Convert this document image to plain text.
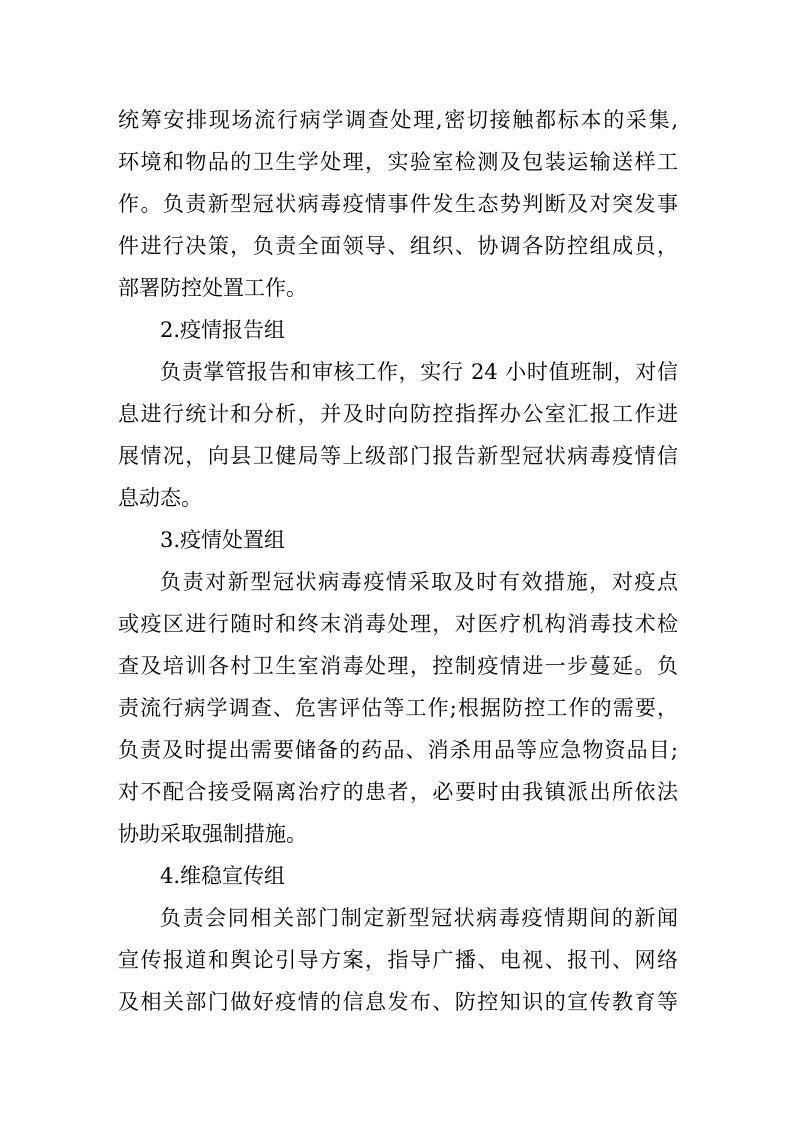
统筹安排现场流行病学调查处理,密切接触都标本的采集,
环境和物品的卫生学处理，实验室检测及包装运输送样工
作。负责新型冠状病毒疫情事件发生态势判断及对突发事
件进行决策，负责全面领导、组织、协调各防控组成员，
部署防控处置工作。
2.疫情报告组
负责掌管报告和审核工作，实行 24 小时值班制，对信
息进行统计和分析，并及时向防控指挥办公室汇报工作进
展情况，向县卫健局等上级部门报告新型冠状病毒疫情信
息动态。
3.疫情处置组
负责对新型冠状病毒疫情采取及时有效措施，对疫点
或疫区进行随时和终末消毒处理，对医疗机构消毒技术检
查及培训各村卫生室消毒处理，控制疫情进一步蔓延。负
责流行病学调查、危害评估等工作;根据防控工作的需要，
负责及时提出需要储备的药品、消杀用品等应急物资品目;
对不配合接受隔离治疗的患者，必要时由我镇派出所依法
协助采取强制措施。
4.维稳宣传组
负责会同相关部门制定新型冠状病毒疫情期间的新闻
宣传报道和舆论引导方案，指导广播、电视、报刊、网络
及相关部门做好疫情的信息发布、防控知识的宣传教育等
